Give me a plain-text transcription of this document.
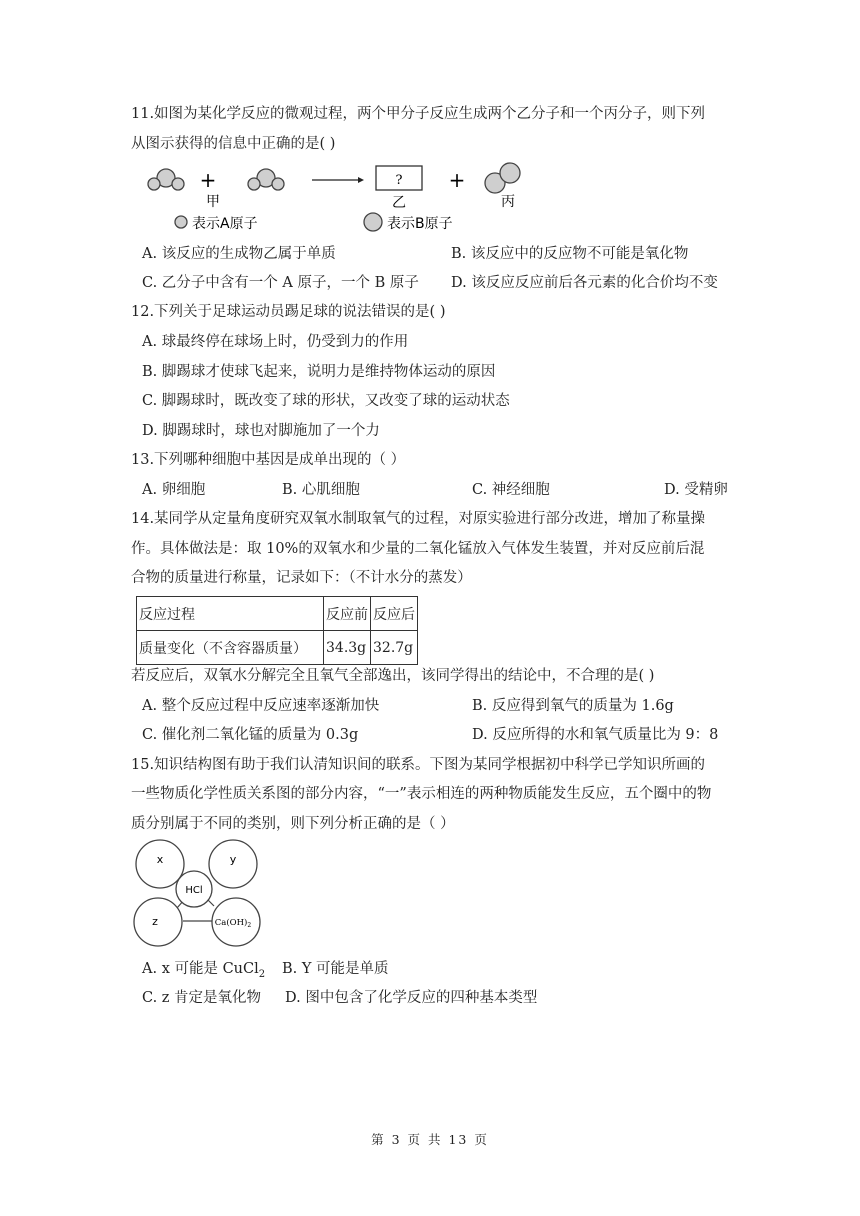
11.如图为某化学反应的微观过程，两个甲分子反应生成两个乙分子和一个丙分子，则下列
从图示获得的信息中正确的是( )
+
甲
?
乙
+
丙
表示A原子	表示B原子
A. 该反应的生成物乙属于单质	B. 该反应中的反应物不可能是氧化物
C. 乙分子中含有一个 A 原子，一个 B 原子 D. 该反应反应前后各元素的化合价均不变
12.下列关于足球运动员踢足球的说法错误的是( )
A. 球最终停在球场上时，仍受到力的作用
B. 脚踢球才使球飞起来，说明力是维持物体运动的原因
C. 脚踢球时，既改变了球的形状，又改变了球的运动状态
D. 脚踢球时，球也对脚施加了一个力
13.下列哪种细胞中基因是成单出现的（ ）
A. 卵细胞	B. 心肌细胞	C. 神经细胞	D. 受精卵
14.某同学从定量角度研究双氧水制取氧气的过程，对原实验进行部分改进，增加了称量操
作。具体做法是：取 10%的双氧水和少量的二氧化锰放入气体发生装置，并对反应前后混
合物的质量进行称量，记录如下：（不计水分的蒸发）
反应过程	反应前	反应后
质量变化（不含容器质量）	34.3g	32.7g
若反应后，双氧水分解完全且氧气全部逸出，该同学得出的结论中，不合理的是( )
A. 整个反应过程中反应速率逐渐加快	B. 反应得到氧气的质量为 1.6g
C. 催化剂二氧化锰的质量为 0.3g	D. 反应所得的水和氧气质量比为 9：8
15.知识结构图有助于我们认清知识间的联系。下图为某同学根据初中科学已学知识所画的
一些物质化学性质关系图的部分内容，“一”表示相连的两种物质能发生反应，五个圈中的物
质分别属于不同的类别，则下列分析正确的是（ ）
x	y
z
HCl
$Ca(OH)_2$
A. x 可能是 CuCl$_2$ B. Y 可能是单质
C. z 肯定是氧化物 D. 图中包含了化学反应的四种基本类型
第 3 页 共 13 页
